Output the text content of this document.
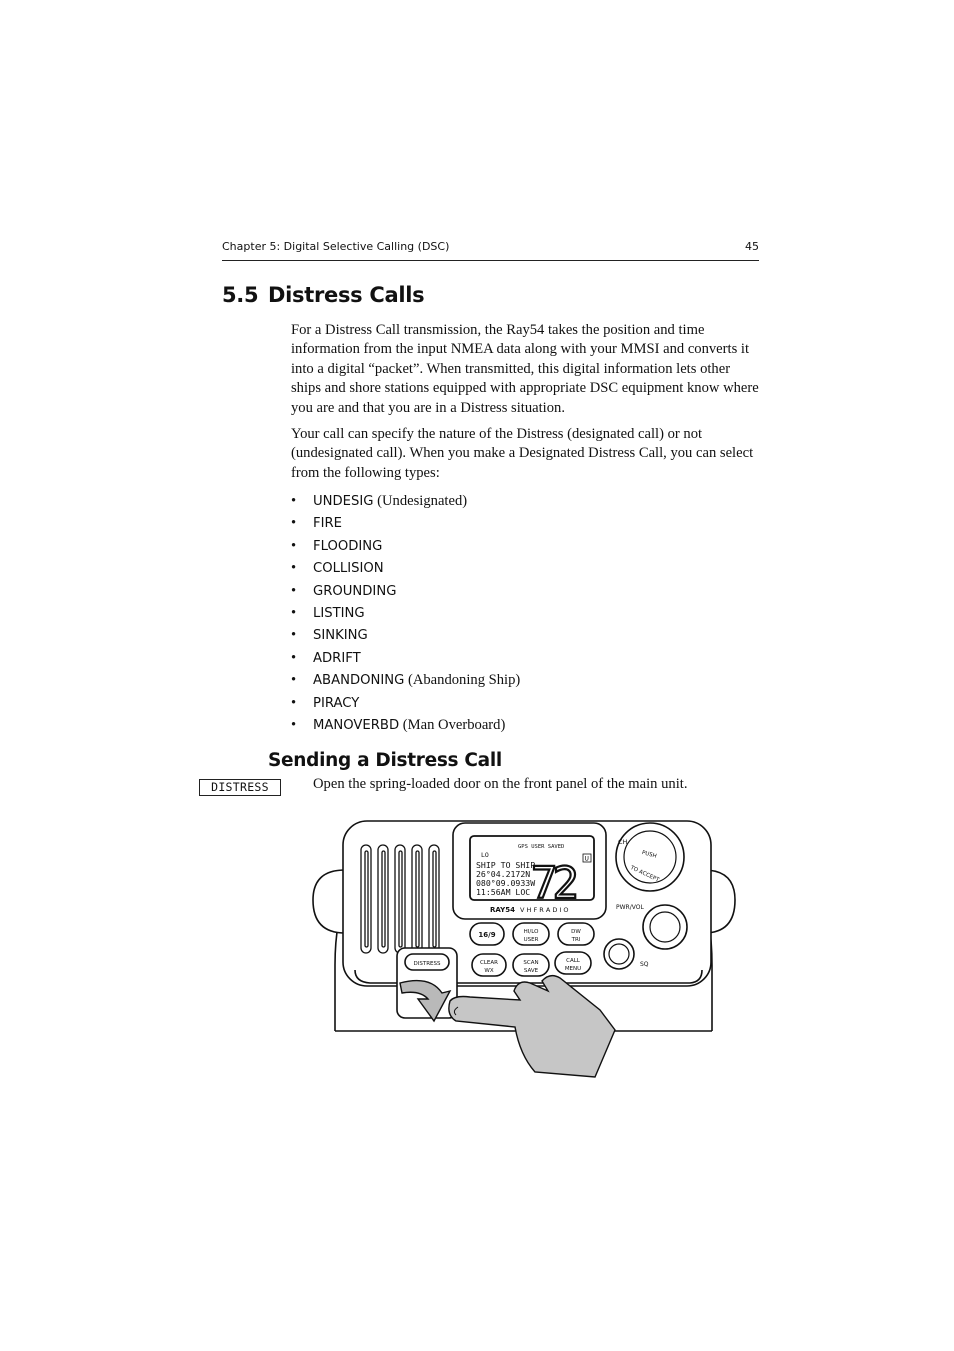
Chapter 5: Digital Selective Calling (DSC)	45
5.5 Distress Calls

For a Distress Call transmission, the Ray54 takes the position and time information from the input NMEA data along with your MMSI and converts it into a digital “packet”. When transmitted, this digital information lets other ships and shore stations equipped with appropriate DSC equipment know where you are and that you are in a Distress situation.

Your call can specify the nature of the Distress (designated call) or not (undesignated call). When you make a Designated Distress Call, you can select from the following types:

• UNDESIG (Undesignated)
• FIRE
• FLOODING
• COLLISION
• GROUNDING
• LISTING
• SINKING
• ADRIFT
• ABANDONING (Abandoning Ship)
• PIRACY
• MANOVERBD (Man Overboard)
Sending a Distress Call
DISTRESS	Open the spring-loaded door on the front panel of the main unit.

GPS USER SAVED
LO
SHIP TO SHIP
26°04.2172N
080°09.0933W
11:56AM LOC 72 U
RAY54 V H F R A D I O
CH
PWR/VOL
SQ
PUSH
TO ACCEPT
16/9	HI/LO
USER
DW
TRI
CLEAR
WX
SCAN
SAVE
CALL
MENU
DISTRESS
